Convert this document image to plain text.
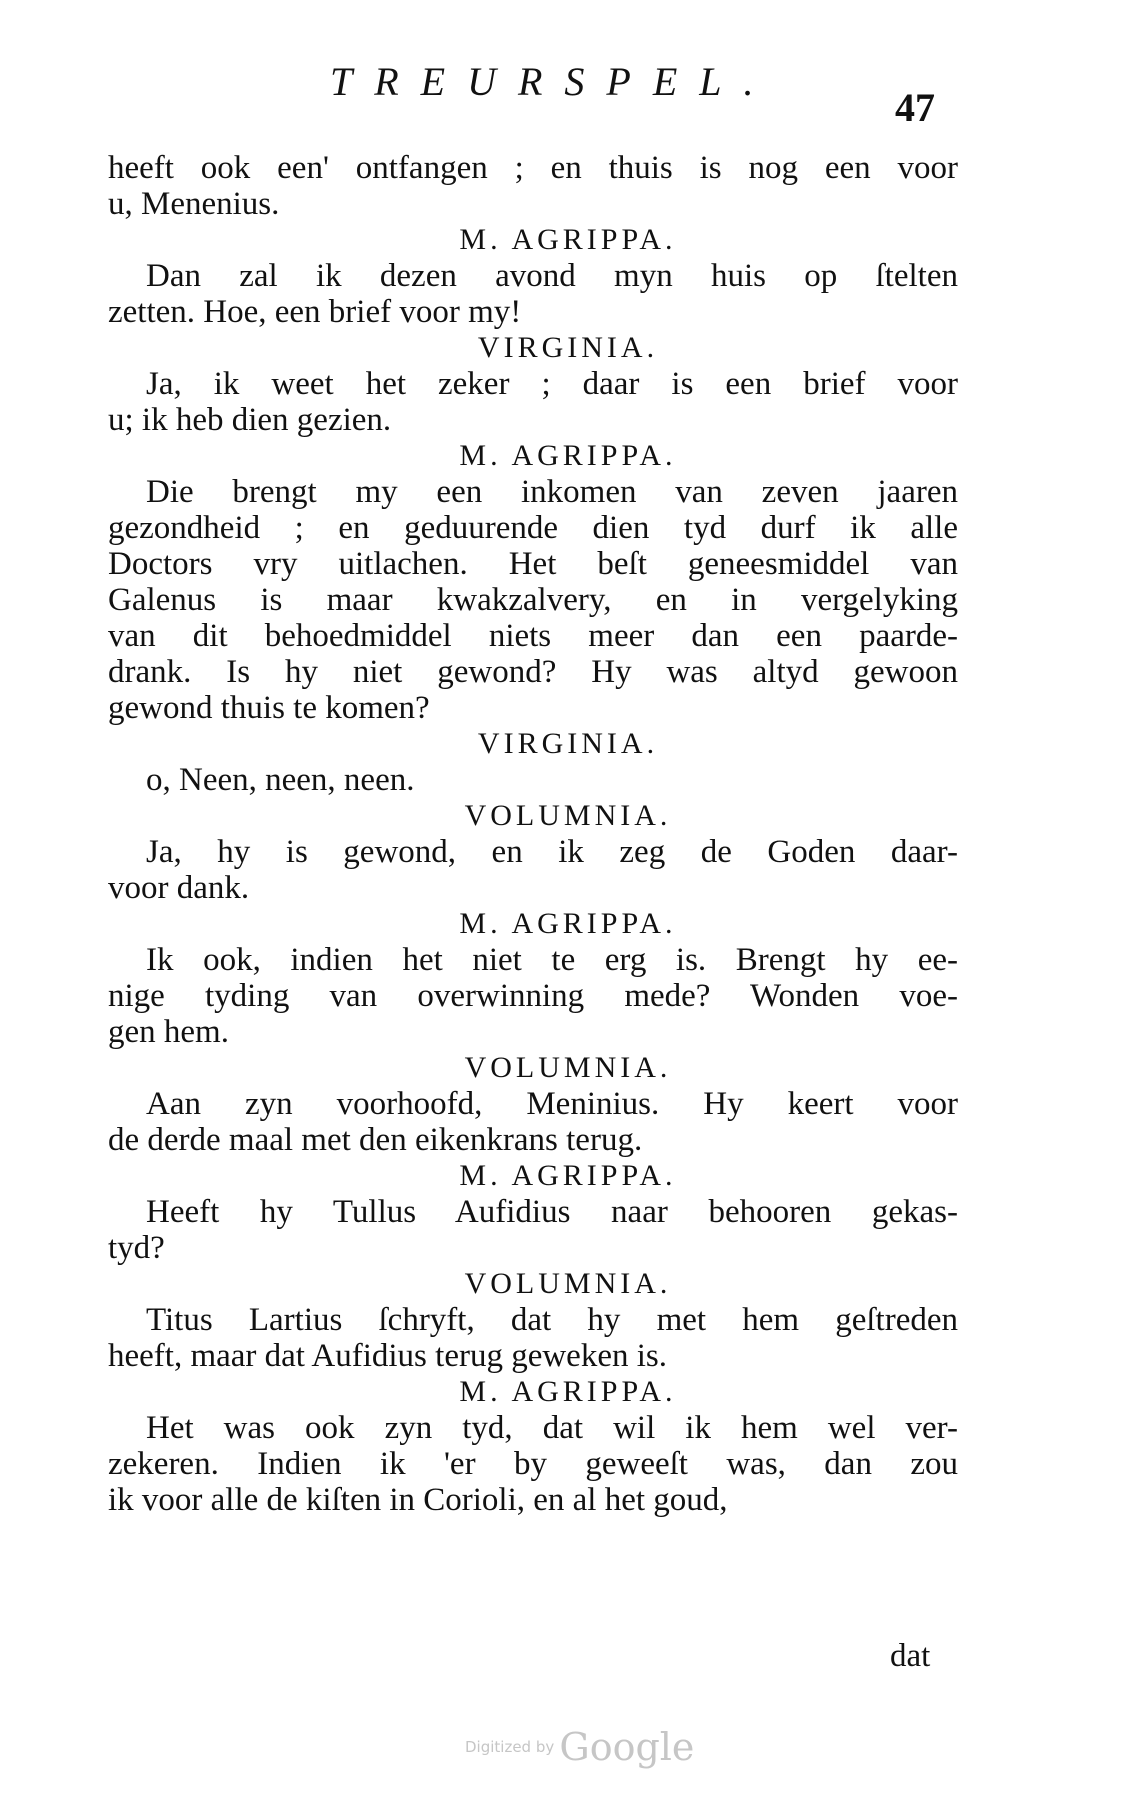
TREURSPEL.
47
heeft ook een' ontfangen ; en thuis is nog een voor
u, Menenius.
M. AGRIPPA.
Dan zal ik dezen avond myn huis op ſtelten
zetten. Hoe, een brief voor my!
VIRGINIA.
Ja, ik weet het zeker ; daar is een brief voor
u; ik heb dien gezien.
M. AGRIPPA.
Die brengt my een inkomen van zeven jaaren
gezondheid ; en geduurende dien tyd durf ik alle
Doctors vry uitlachen. Het beſt geneesmiddel van
Galenus is maar kwakzalvery, en in vergelyking
van dit behoedmiddel niets meer dan een paarde-
drank. Is hy niet gewond? Hy was altyd gewoon
gewond thuis te komen?
VIRGINIA.
o, Neen, neen, neen.
VOLUMNIA.
Ja, hy is gewond, en ik zeg de Goden daar-
voor dank.
M. AGRIPPA.
Ik ook, indien het niet te erg is. Brengt hy ee-
nige tyding van overwinning mede? Wonden voe-
gen hem.
VOLUMNIA.
Aan zyn voorhoofd, Meninius. Hy keert voor
de derde maal met den eikenkrans terug.
M. AGRIPPA.
Heeft hy Tullus Aufidius naar behooren gekas-
tyd?
VOLUMNIA.
Titus Lartius ſchryft, dat hy met hem geſtreden
heeft, maar dat Aufidius terug geweken is.
M. AGRIPPA.
Het was ook zyn tyd, dat wil ik hem wel ver-
zekeren. Indien ik 'er by geweeſt was, dan zou
ik voor alle de kiſten in Corioli, en al het goud,
dat
Digitized by Google
